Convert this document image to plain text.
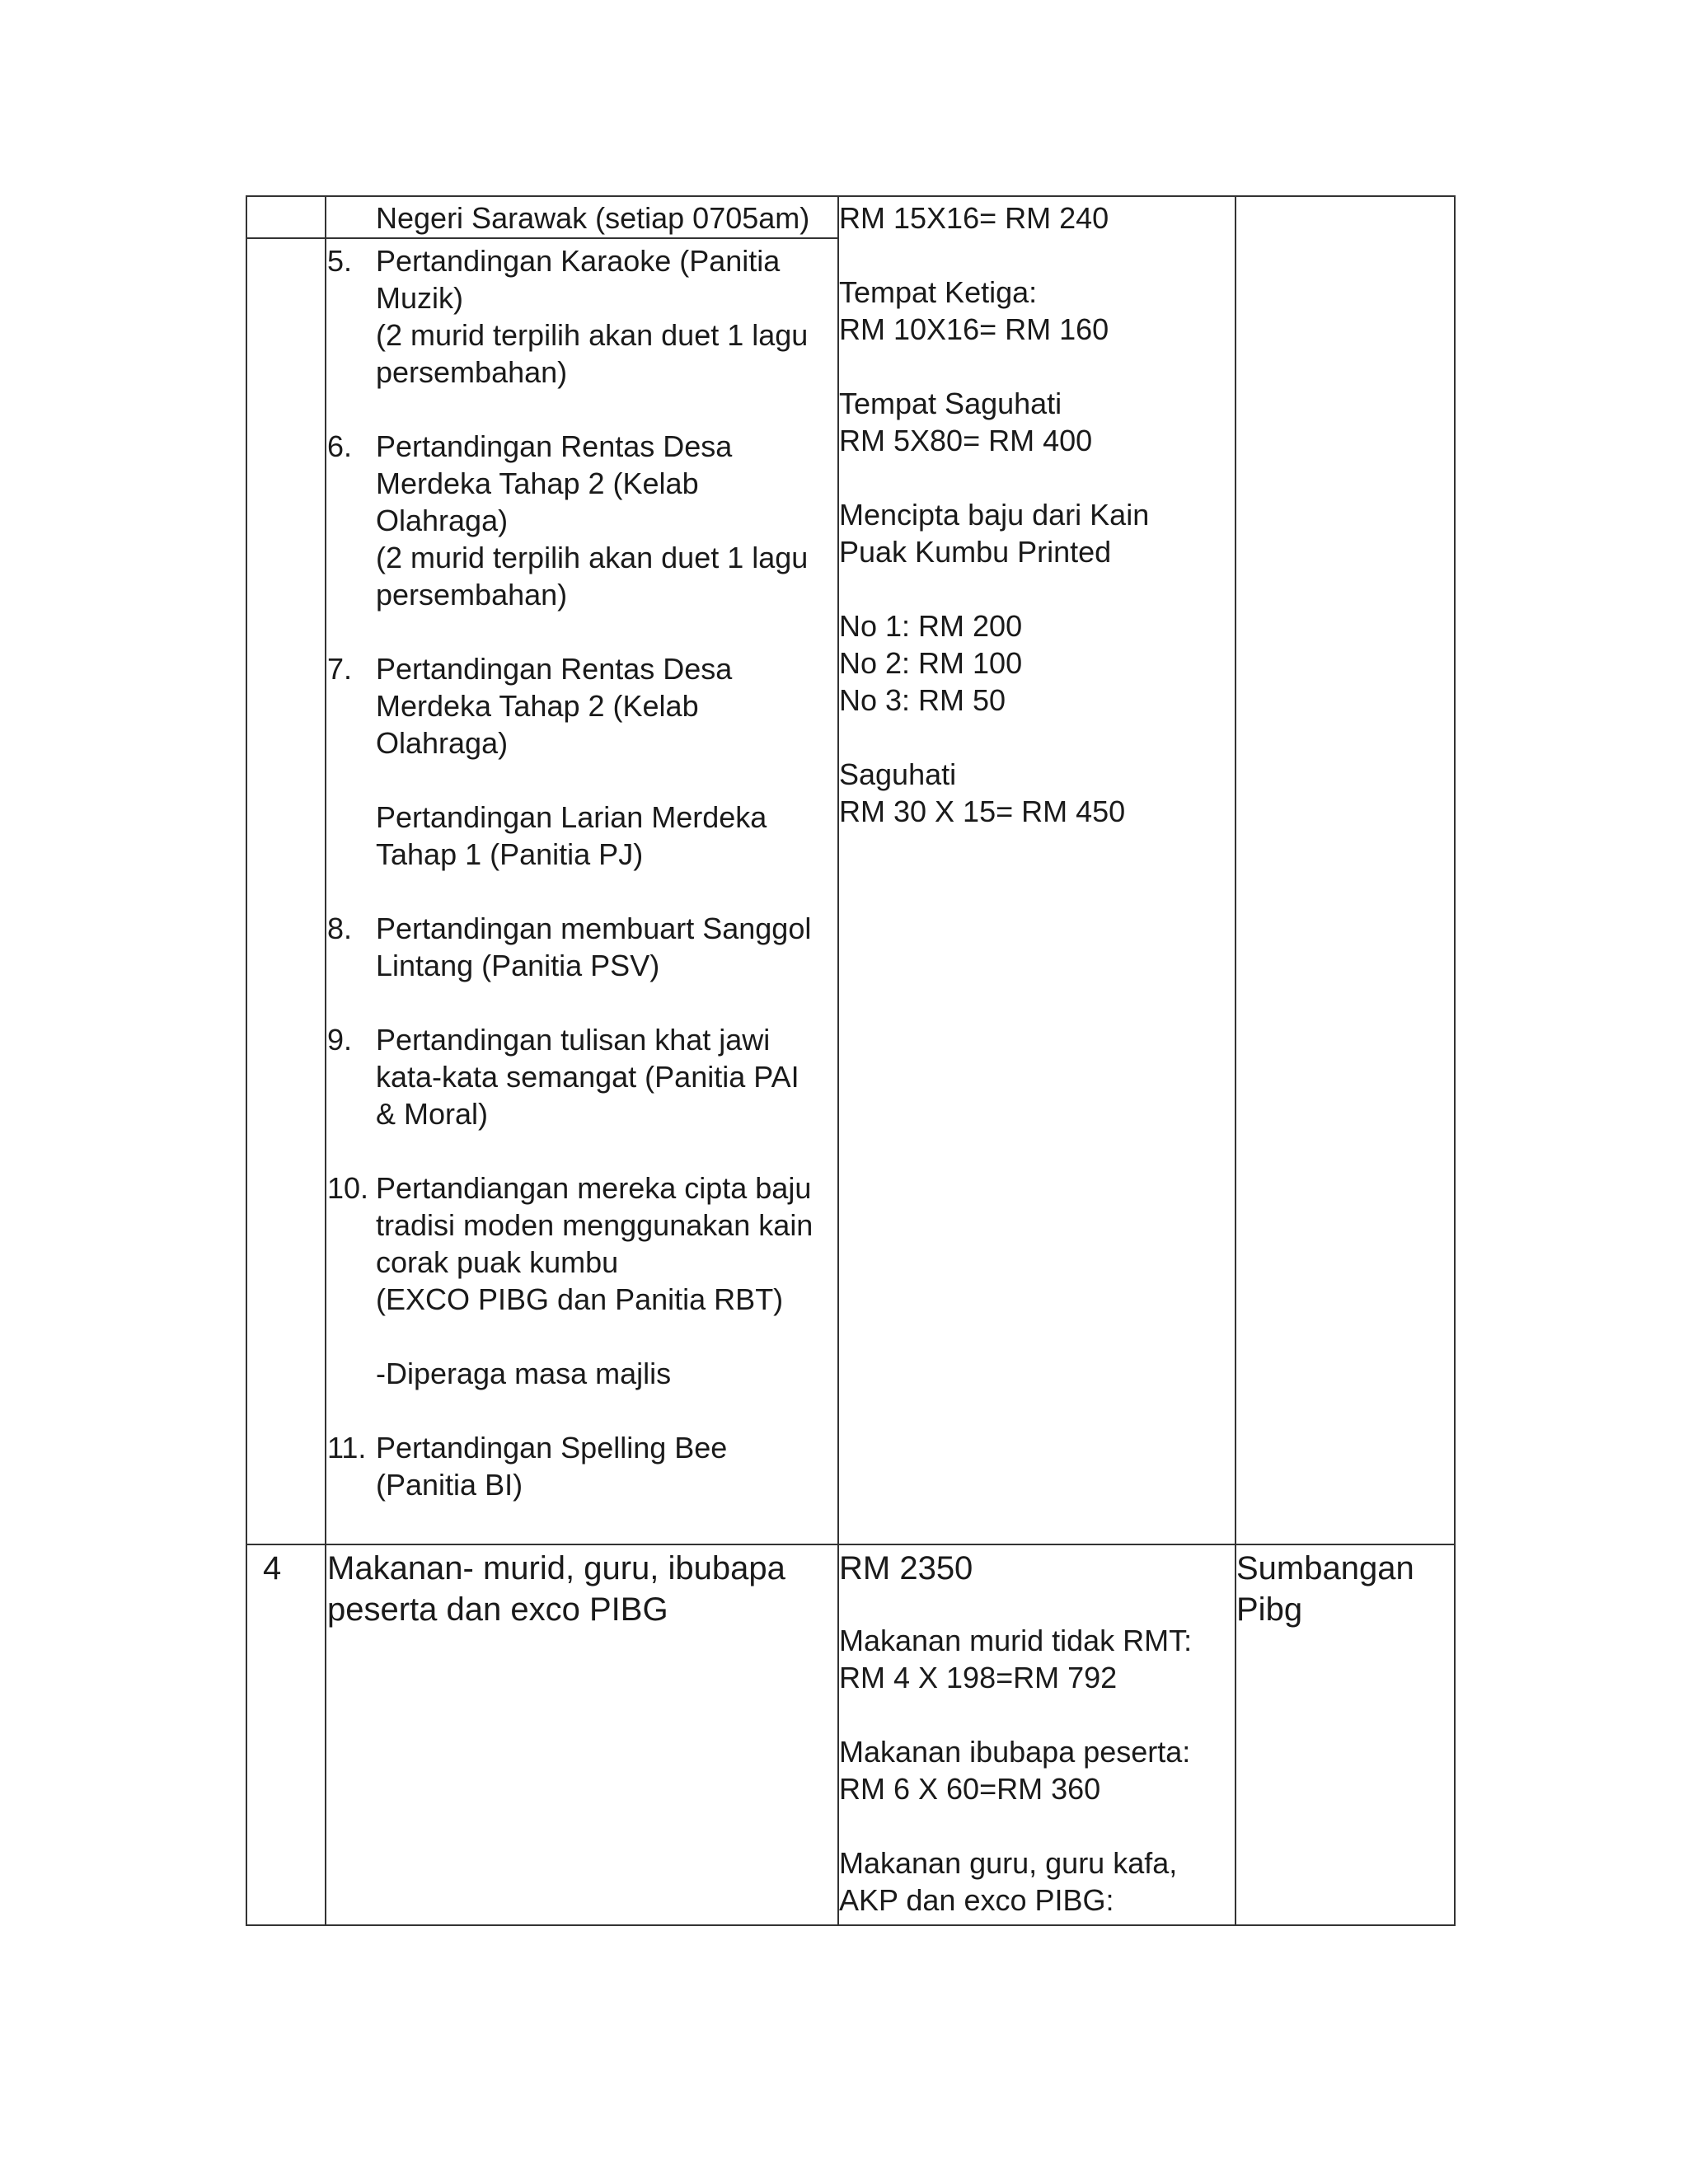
Negeri Sarawak (setiap 0705am) RM 15X16= RM 240
5. Pertandingan Karaoke (Panitia
Muzik)
(2 murid terpilih akan duet 1 lagu
persembahan)
6. Pertandingan Rentas Desa
Merdeka Tahap 2 (Kelab
Olahraga)
(2 murid terpilih akan duet 1 lagu
persembahan)
7. Pertandingan Rentas Desa
Merdeka Tahap 2 (Kelab
Olahraga)
Pertandingan Larian Merdeka
Tahap 1 (Panitia PJ)
8. Pertandingan membuart Sanggol
Lintang (Panitia PSV)
9. Pertandingan tulisan khat jawi
kata-kata semangat (Panitia PAI
& Moral)
10. Pertandiangan mereka cipta baju
tradisi moden menggunakan kain
corak puak kumbu
(EXCO PIBG dan Panitia RBT)
-Diperaga masa majlis
11. Pertandingan Spelling Bee
(Panitia BI)
Tempat Ketiga:
RM 10X16= RM 160
Tempat Saguhati
RM 5X80= RM 400
Mencipta baju dari Kain
Puak Kumbu Printed
No 1: RM 200
No 2: RM 100
No 3: RM 50
Saguhati
RM 30 X 15= RM 450
4 Makanan- murid, guru, ibubapa
peserta dan exco PIBG
RM 2350
Makanan murid tidak RMT:
RM 4 X 198=RM 792
Makanan ibubapa peserta:
RM 6 X 60=RM 360
Makanan guru, guru kafa,
AKP dan exco PIBG:
Sumbangan
Pibg
